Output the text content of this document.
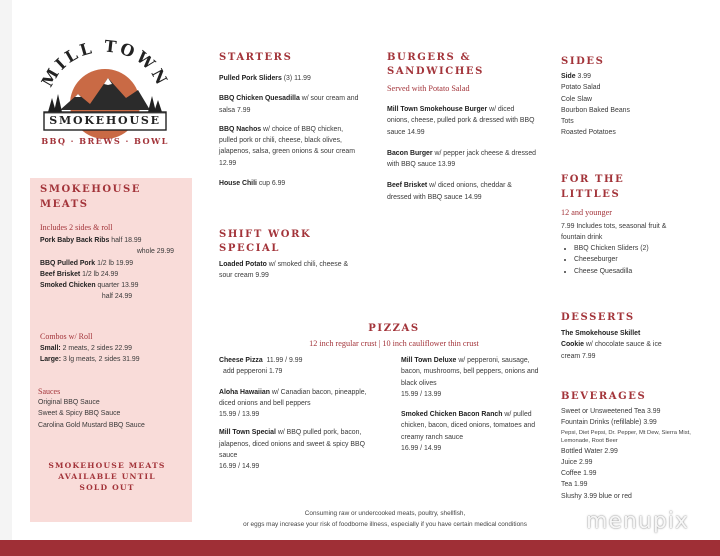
MILL TOWN
SMOKEHOUSE
BBQ · BREWS · BOWL
SMOKEHOUSE MEATS
Includes 2 sides & roll
Pork Baby Back Ribs half 18.99
whole 29.99
BBQ Pulled Pork 1/2 lb 19.99
Beef Brisket 1/2 lb 24.99
Smoked Chicken quarter 13.99
half 24.99
Combos w/ Roll
Small: 2 meats, 2 sides 22.99
Large: 3 lg meats, 2 sides 31.99
Sauces
Original BBQ Sauce
Sweet & Spicy BBQ Sauce
Carolina Gold Mustard BBQ Sauce
SMOKEHOUSE MEATS AVAILABLE UNTIL SOLD OUT
STARTERS
Pulled Pork Sliders (3) 11.99
BBQ Chicken Quesadilla w/ sour cream and salsa 7.99
BBQ Nachos w/ choice of BBQ chicken, pulled pork or chili, cheese, black olives, jalapenos, salsa, green onions & sour cream 12.99
House Chili cup 6.99
SHIFT WORK SPECIAL
Loaded Potato w/ smoked chili, cheese & sour cream 9.99
BURGERS & SANDWICHES
Served with Potato Salad
Mill Town Smokehouse Burger w/ diced onions, cheese, pulled pork & dressed with BBQ sauce 14.99
Bacon Burger w/ pepper jack cheese & dressed with BBQ sauce 13.99
Beef Brisket w/ diced onions, cheddar & dressed with BBQ sauce 14.99
PIZZAS
12 inch regular crust | 10 inch cauliflower thin crust
Cheese Pizza 11.99 / 9.99
add pepperoni 1.79
Aloha Hawaiian w/ Canadian bacon, pineapple, diced onions and bell peppers
15.99 / 13.99
Mill Town Special w/ BBQ pulled pork, bacon, jalapenos, diced onions and sweet & spicy BBQ sauce
16.99 / 14.99
Mill Town Deluxe w/ pepperoni, sausage, bacon, mushrooms, bell peppers, onions and black olives
15.99 / 13.99
Smoked Chicken Bacon Ranch w/ pulled chicken, bacon, diced onions, tomatoes and creamy ranch sauce
16.99 / 14.99
SIDES
Side 3.99
Potato Salad
Cole Slaw
Bourbon Baked Beans
Tots
Roasted Potatoes
FOR THE LITTLES
12 and younger
7.99 Includes tots, seasonal fruit & fountain drink
• BBQ Chicken Sliders (2)
• Cheeseburger
• Cheese Quesadilla
DESSERTS
The Smokehouse Skillet Cookie w/ chocolate sauce & ice cream 7.99
BEVERAGES
Sweet or Unsweetened Tea 3.99
Fountain Drinks (refillable) 3.99
Pepsi, Diet Pepsi, Dr. Pepper, Mt Dew, Sierra Mist, Lemonade, Root Beer
Bottled Water 2.99
Juice 2.99
Coffee 1.99
Tea 1.99
Slushy 3.99 blue or red
Consuming raw or undercooked meats, poultry, shellfish,
or eggs may increase your risk of foodborne illness, especially if you have certain medical conditions	menupix
